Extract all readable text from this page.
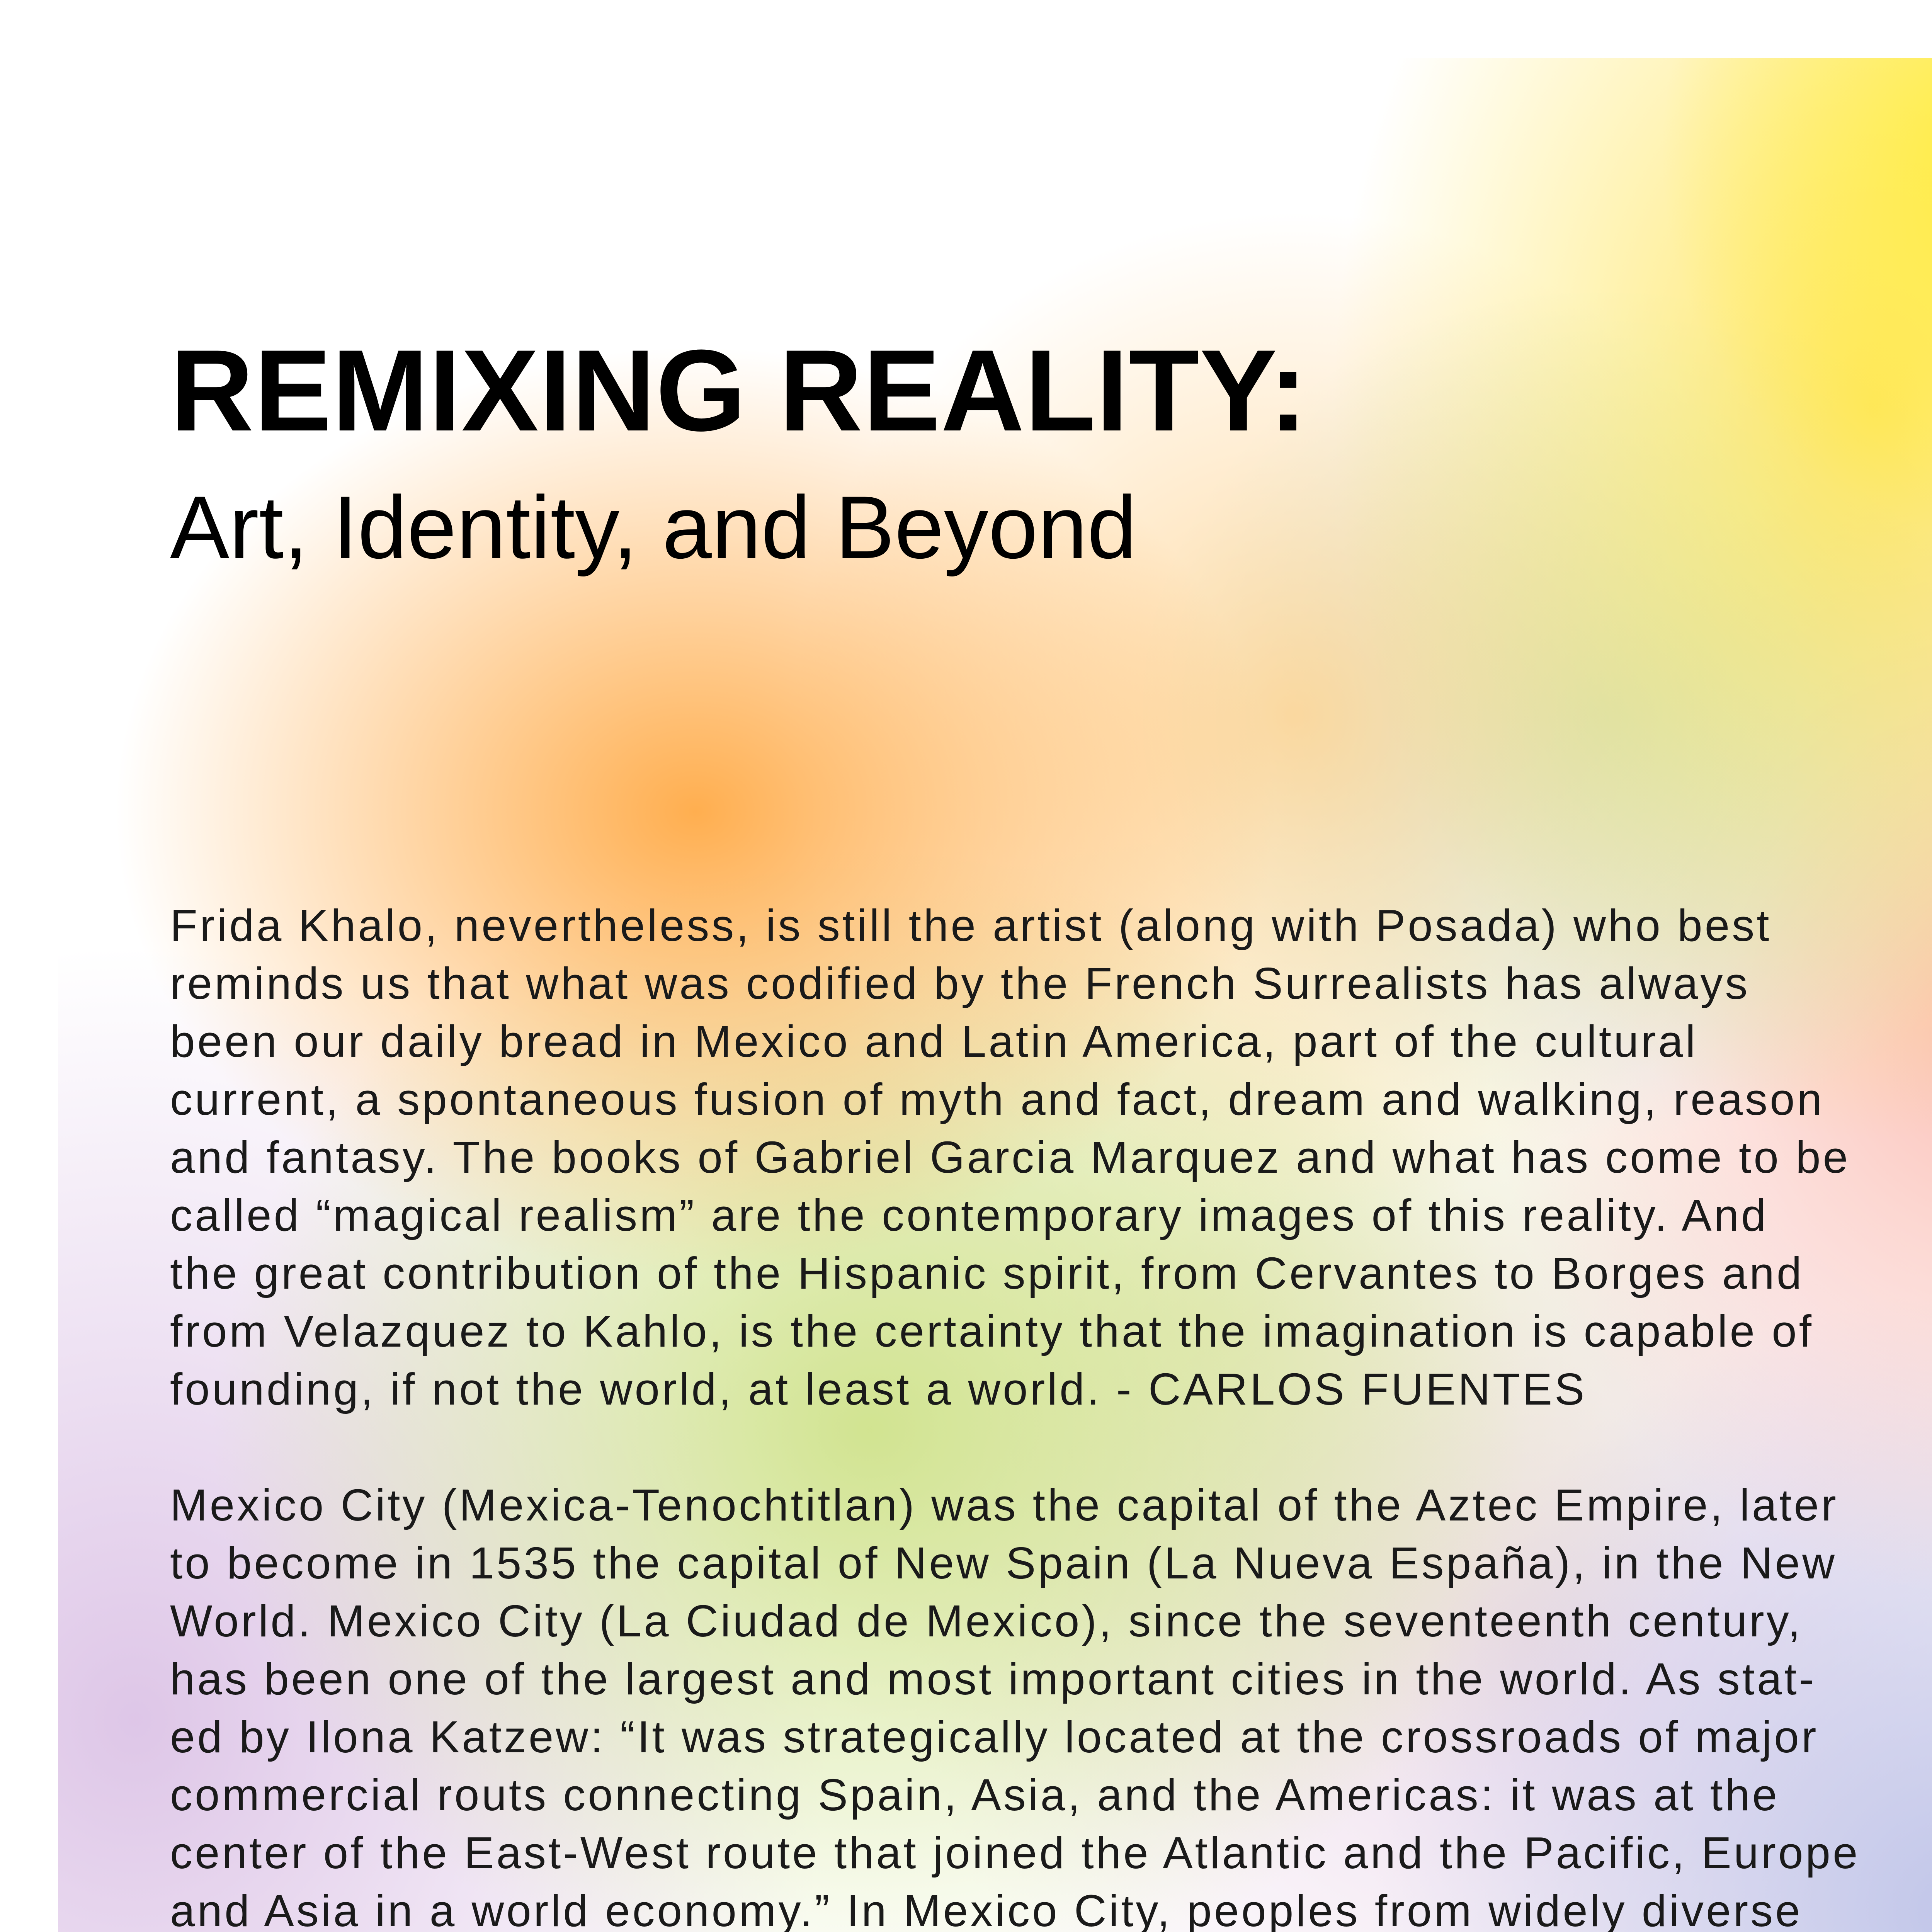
REMIXING REALITY:
Art, Identity, and Beyond

Frida Khalo, nevertheless, is still the artist (along with Posada) who best
reminds us that what was codified by the French Surrealists has always
been our daily bread in Mexico and Latin America, part of the cultural
current, a spontaneous fusion of myth and fact, dream and walking, reason
and fantasy. The books of Gabriel Garcia Marquez and what has come to be
called “magical realism” are the contemporary images of this reality. And
the great contribution of the Hispanic spirit, from Cervantes to Borges and
from Velazquez to Kahlo, is the certainty that the imagination is capable of
founding, if not the world, at least a world. - CARLOS FUENTES

Mexico City (Mexica-Tenochtitlan) was the capital of the Aztec Empire, later
to become in 1535 the capital of New Spain (La Nueva España), in the New
World. Mexico City (La Ciudad de Mexico), since the seventeenth century,
has been one of the largest and most important cities in the world. As stat-
ed by Ilona Katzew: “It was strategically located at the crossroads of major
commercial routs connecting Spain, Asia, and the Americas: it was at the
center of the East-West route that joined the Atlantic and the Pacific, Europe
and Asia in a world economy.” In Mexico City, peoples from widely diverse
